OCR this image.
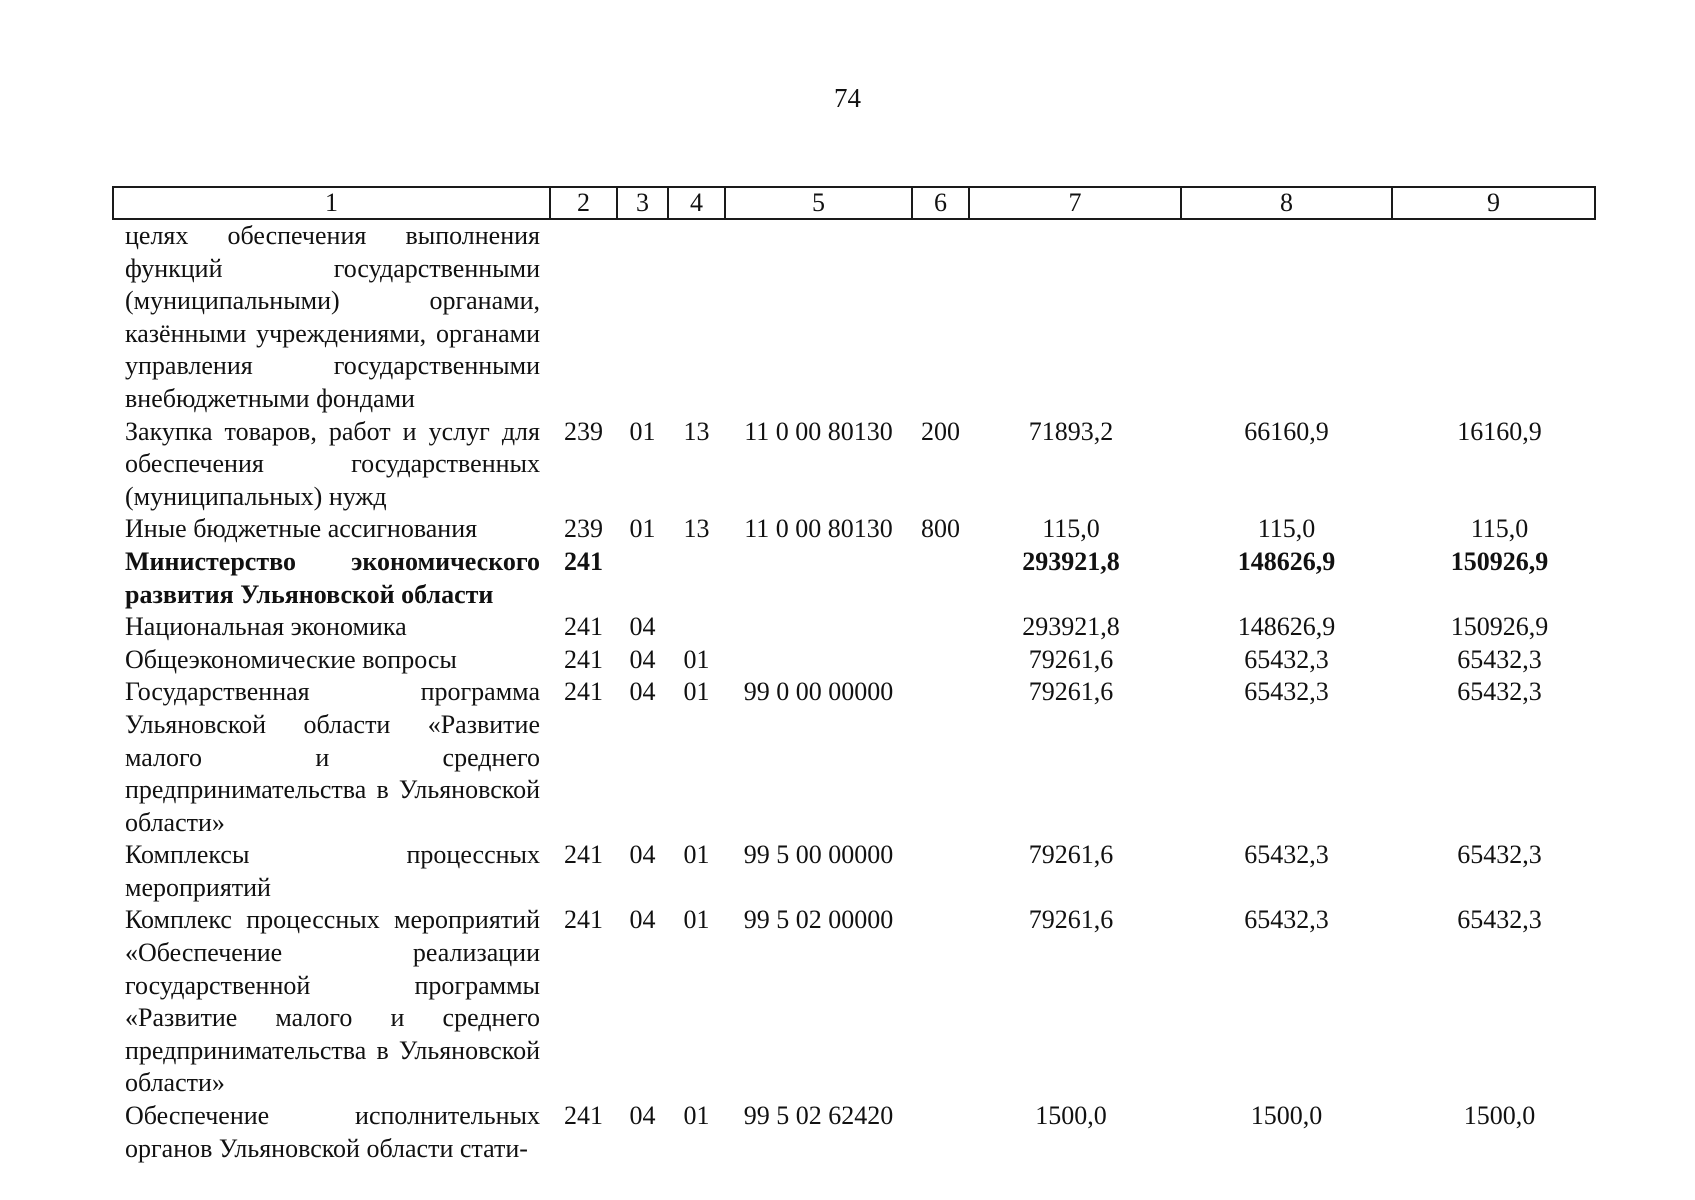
74
1	2	3	4	5	6	7	8	9
целях обеспечения выполнения функций государственными (муниципальными) органами, казёнными учреждениями, органами управления государственными внебюджетными фондами								
Закупка товаров, работ и услуг для обеспечения государственных (муниципальных) нужд	239	01	13	11 0 00 80130	200	71893,2	66160,9	16160,9
Иные бюджетные ассигнования	239	01	13	11 0 00 80130	800	115,0	115,0	115,0
Министерство экономического развития Ульяновской области	241					293921,8	148626,9	150926,9
Национальная экономика	241	04				293921,8	148626,9	150926,9
Общеэкономические вопросы	241	04	01			79261,6	65432,3	65432,3
Государственная программа Ульяновской области «Развитие малого и среднего предпринимательства в Ульяновской области»	241	04	01	99 0 00 00000		79261,6	65432,3	65432,3
Комплексы процессных мероприятий	241	04	01	99 5 00 00000		79261,6	65432,3	65432,3
Комплекс процессных мероприятий «Обеспечение реализации государственной программы «Развитие малого и среднего предпринимательства в Ульяновской области»	241	04	01	99 5 02 00000		79261,6	65432,3	65432,3
Обеспечение исполнительных органов Ульяновской области стати-	241	04	01	99 5 02 62420		1500,0	1500,0	1500,0
